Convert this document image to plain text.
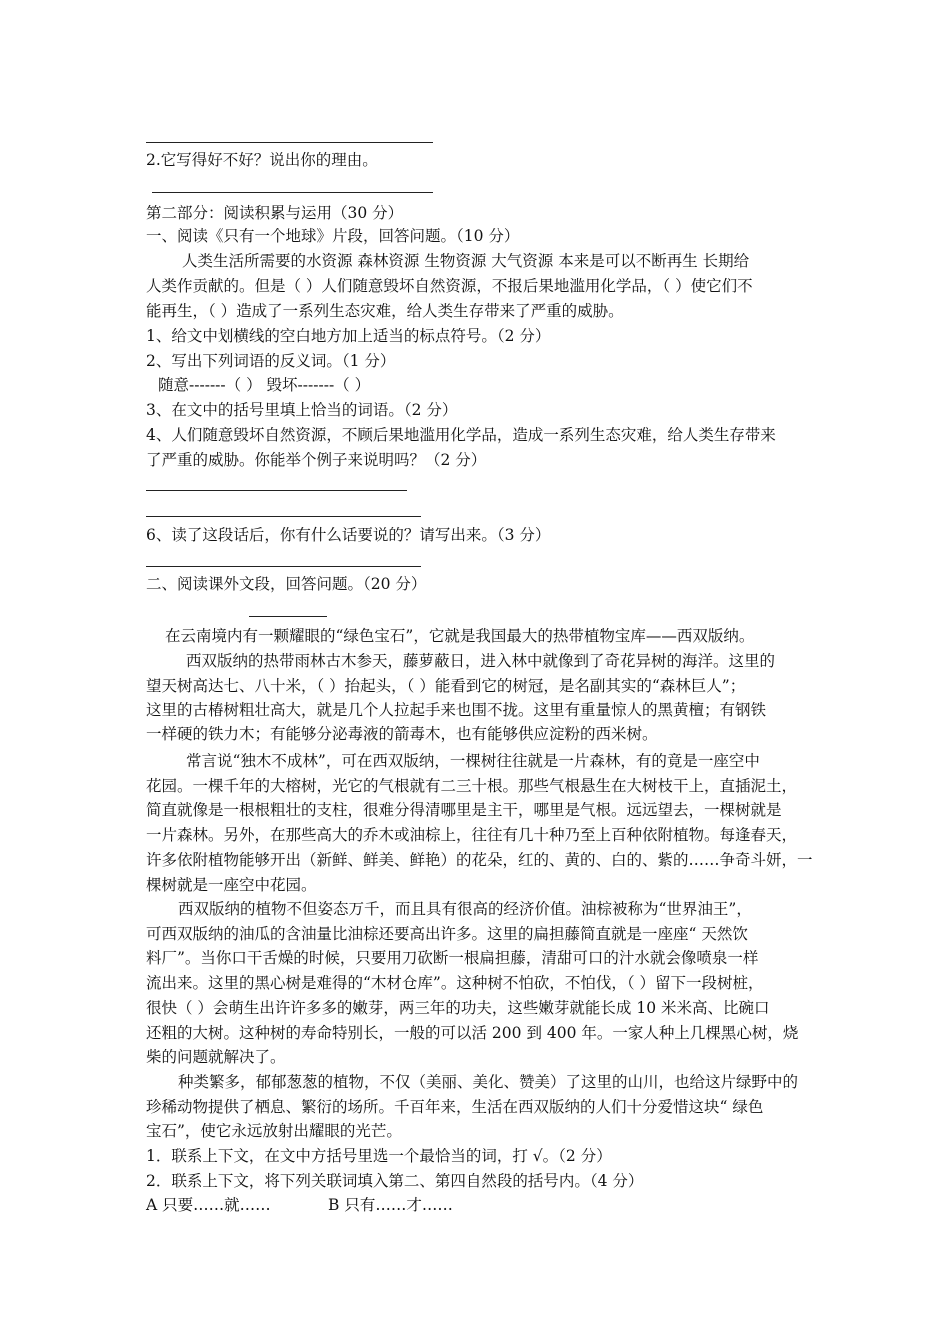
2.它写得好不好？说出你的理由。
第二部分：阅读积累与运用（30 分）
一、阅读《只有一个地球》片段，回答问题。（10 分）
人类生活所需要的水资源 森林资源 生物资源 大气资源 本来是可以不断再生 长期给
人类作贡献的。但是（ ）人们随意毁坏自然资源，不报后果地滥用化学品，（ ）使它们不
能再生，（ ）造成了一系列生态灾难，给人类生存带来了严重的威胁。
1、给文中划横线的空白地方加上适当的标点符号。（2 分）
2、写出下列词语的反义词。（1 分）
随意-------（ ） 毁坏-------（ ）
3、在文中的括号里填上恰当的词语。（2 分）
4、人们随意毁坏自然资源，不顾后果地滥用化学品，造成一系列生态灾难，给人类生存带来
了严重的威胁。你能举个例子来说明吗？（2 分）
6、读了这段话后，你有什么话要说的？请写出来。（3 分）
二、阅读课外文段，回答问题。（20 分）
在云南境内有一颗耀眼的“绿色宝石”，它就是我国最大的热带植物宝库——西双版纳。
西双版纳的热带雨林古木参天，藤萝蔽日，进入林中就像到了奇花异树的海洋。这里的
望天树高达七、八十米，（ ）抬起头，（ ）能看到它的树冠，是名副其实的“森林巨人”；
这里的古椿树粗壮高大，就是几个人拉起手来也围不拢。这里有重量惊人的黑黄檀；有钢铁
一样硬的铁力木；有能够分泌毒液的箭毒木，也有能够供应淀粉的西米树。
常言说“独木不成林”，可在西双版纳，一棵树往往就是一片森林，有的竟是一座空中
花园。一棵千年的大榕树，光它的气根就有二三十根。那些气根悬生在大树枝干上，直插泥土，
简直就像是一根根粗壮的支柱，很难分得清哪里是主干，哪里是气根。远远望去，一棵树就是
一片森林。另外，在那些高大的乔木或油棕上，往往有几十种乃至上百种依附植物。每逢春天，
许多依附植物能够开出（新鲜、鲜美、鲜艳）的花朵，红的、黄的、白的、紫的……争奇斗妍，一
棵树就是一座空中花园。
西双版纳的植物不但姿态万千，而且具有很高的经济价值。油棕被称为“世界油王”，
可西双版纳的油瓜的含油量比油棕还要高出许多。这里的扁担藤简直就是一座座“ 天然饮
料厂”。当你口干舌燥的时候，只要用刀砍断一根扁担藤，清甜可口的汁水就会像喷泉一样
流出来。这里的黑心树是难得的“木材仓库”。这种树不怕砍，不怕伐，（ ）留下一段树桩，
很快（ ）会萌生出许许多多的嫩芽，两三年的功夫，这些嫩芽就能长成 10 米米高、比碗口
还粗的大树。这种树的寿命特别长，一般的可以活 200 到 400 年。一家人种上几棵黑心树，烧
柴的问题就解决了。
种类繁多，郁郁葱葱的植物，不仅（美丽、美化、赞美）了这里的山川，也给这片绿野中的
珍稀动物提供了栖息、繁衍的场所。千百年来，生活在西双版纳的人们十分爱惜这块“ 绿色
宝石”，使它永远放射出耀眼的光芒。
1．联系上下文，在文中方括号里选一个最恰当的词，打 √。（2 分）
2．联系上下文，将下列关联词填入第二、第四自然段的括号内。（4 分）
A 只要……就……	B 只有……才……
